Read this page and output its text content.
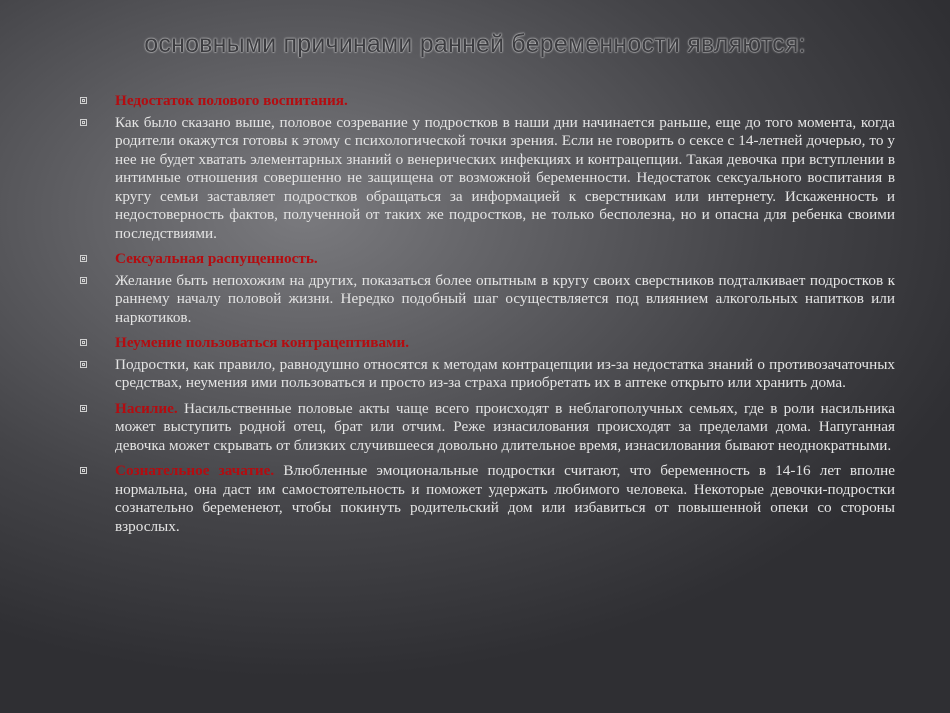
основными причинами ранней беременности являются:
Недостаток полового воспитания.
Как было сказано выше, половое созревание у подростков в наши дни начинается раньше, еще до того момента, когда родители окажутся готовы к этому с психологической точки зрения. Если не говорить о сексе с 14-летней дочерью, то у нее не будет хватать элементарных знаний о венерических инфекциях и контрацепции. Такая девочка при вступлении в интимные отношения совершенно не защищена от возможной беременности. Недостаток сексуального воспитания в кругу семьи заставляет подростков обращаться за информацией к сверстникам или интернету. Искаженность и недостоверность фактов, полученной от таких же подростков, не только бесполезна, но и опасна для ребенка своими последствиями.
Сексуальная распущенность.
Желание быть непохожим на других, показаться более опытным в кругу своих сверстников подталкивает подростков к раннему началу половой жизни. Нередко подобный шаг осуществляется под влиянием алкогольных напитков или наркотиков.
Неумение пользоваться контрацептивами.
Подростки, как правило, равнодушно относятся к методам контрацепции из-за недостатка знаний о противозачаточных средствах, неумения ими пользоваться и просто из-за страха приобретать их в аптеке открыто или хранить дома.
Насилие. Насильственные половые акты чаще всего происходят в неблагополучных семьях, где в роли насильника может выступить родной отец, брат или отчим. Реже изнасилования происходят за пределами дома. Напуганная девочка может скрывать от близких случившееся довольно длительное время, изнасилования бывают неоднократными.
Сознательное зачатие. Влюбленные эмоциональные подростки считают, что беременность в 14-16 лет вполне нормальна, она даст им самостоятельность и поможет удержать любимого человека. Некоторые девочки-подростки сознательно беременеют, чтобы покинуть родительский дом или избавиться от повышенной опеки со стороны взрослых.
